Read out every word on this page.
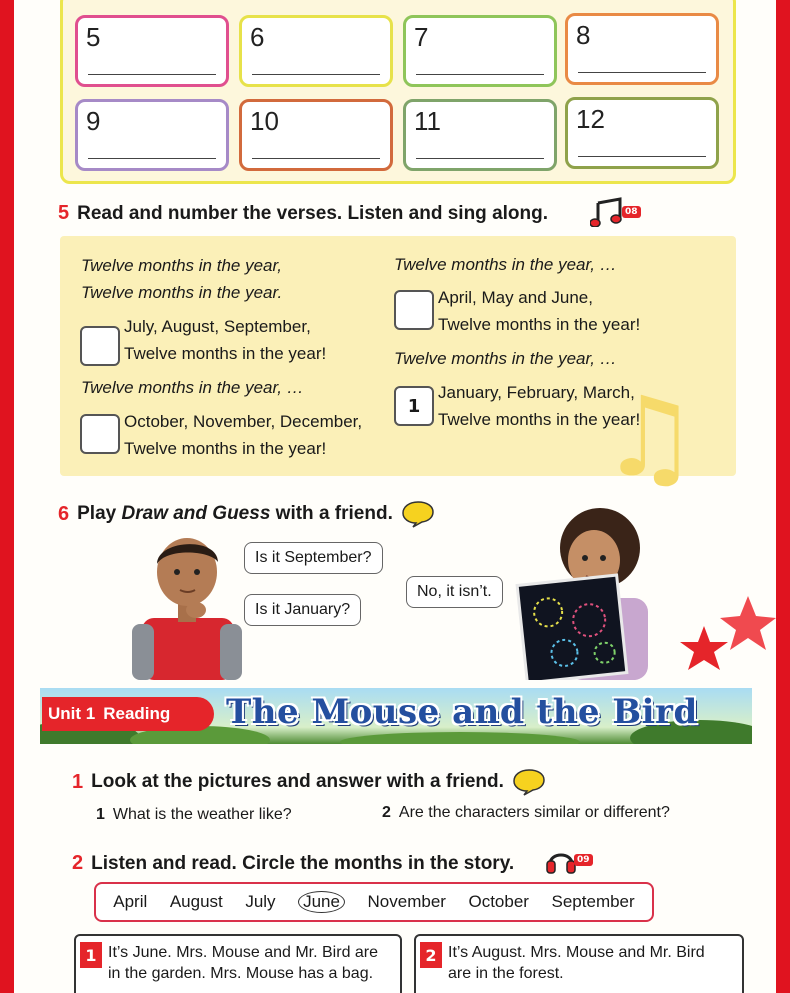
5	6	7	8
9	10	11	12
5 Read and number the verses. Listen and sing along.	08
Twelve months in the year,
Twelve months in the year.
July, August, September,
Twelve months in the year!
Twelve months in the year, …
October, November, December,
Twelve months in the year!
Twelve months in the year, …
April, May and June,
Twelve months in the year!
Twelve months in the year, …
1
January, February, March,
Twelve months in the year!
♫
6 Play Draw and Guess with a friend.
Is it September?
Is it January?
No, it isn’t.
Unit 1 Reading The Mouse and the Bird
1 Look at the pictures and answer with a friend.
1 What is the weather like?	2 Are the characters similar or different?
2 Listen and read. Circle the months in the story.	09
April August July June November October September
1 It’s June. Mrs. Mouse and Mr. Bird are
in the garden. Mrs. Mouse has a bag.
2 It’s August. Mrs. Mouse and Mr. Bird
are in the forest.
